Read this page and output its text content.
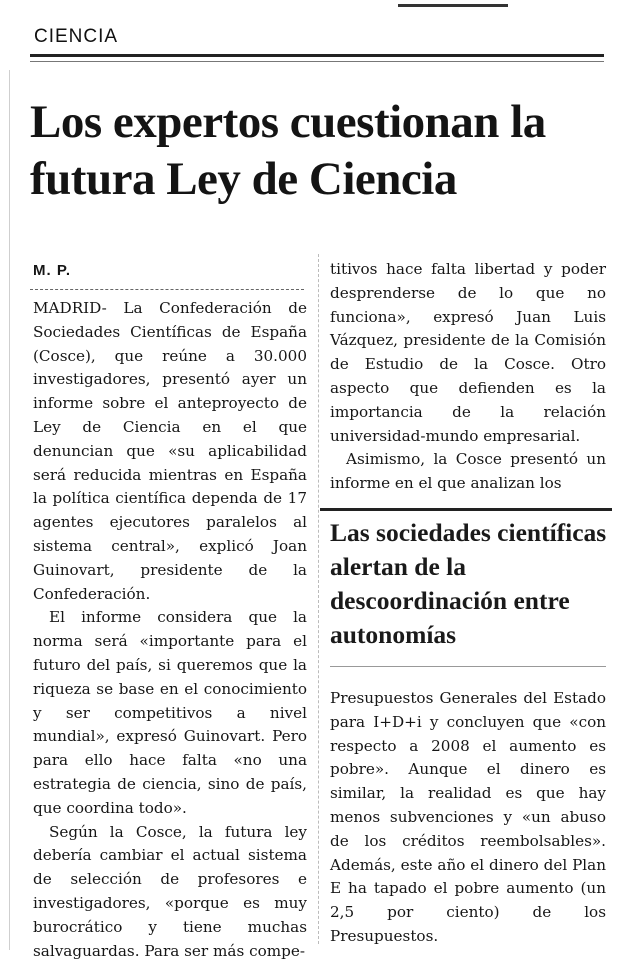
CIENCIA
Los expertos cuestionan la futura Ley de Ciencia
M. P.

MADRID- La Confederación de Sociedades Científicas de España (Cosce), que reúne a 30.000 investigadores, presentó ayer un informe sobre el anteproyecto de Ley de Ciencia en el que denuncian que «su aplicabilidad será reducida mientras en España la política científica dependa de 17 agentes ejecutores paralelos al sistema central», explicó Joan Guinovart, presidente de la Confederación.

El informe considera que la norma será «importante para el futuro del país, si queremos que la riqueza se base en el conocimiento y ser competitivos a nivel mundial», expresó Guinovart. Pero para ello hace falta «no una estrategia de ciencia, sino de país, que coordina todo».

Según la Cosce, la futura ley debería cambiar el actual sistema de selección de profesores e investigadores, «porque es muy burocrático y tiene muchas salvaguardas. Para ser más compe-

titivos hace falta libertad y poder desprenderse de lo que no funciona», expresó Juan Luis Vázquez, presidente de la Comisión de Estudio de la Cosce. Otro aspecto que defienden es la importancia de la relación universidad-mundo empresarial.

Asimismo, la Cosce presentó un informe en el que analizan los

Las sociedades científicas alertan de la descoordinación entre autonomías

Presupuestos Generales del Estado para I+D+i y concluyen que «con respecto a 2008 el aumento es pobre». Aunque el dinero es similar, la realidad es que hay menos subvenciones y «un abuso de los créditos reembolsables». Además, este año el dinero del Plan E ha tapado el pobre aumento (un 2,5 por ciento) de los Presupuestos.
